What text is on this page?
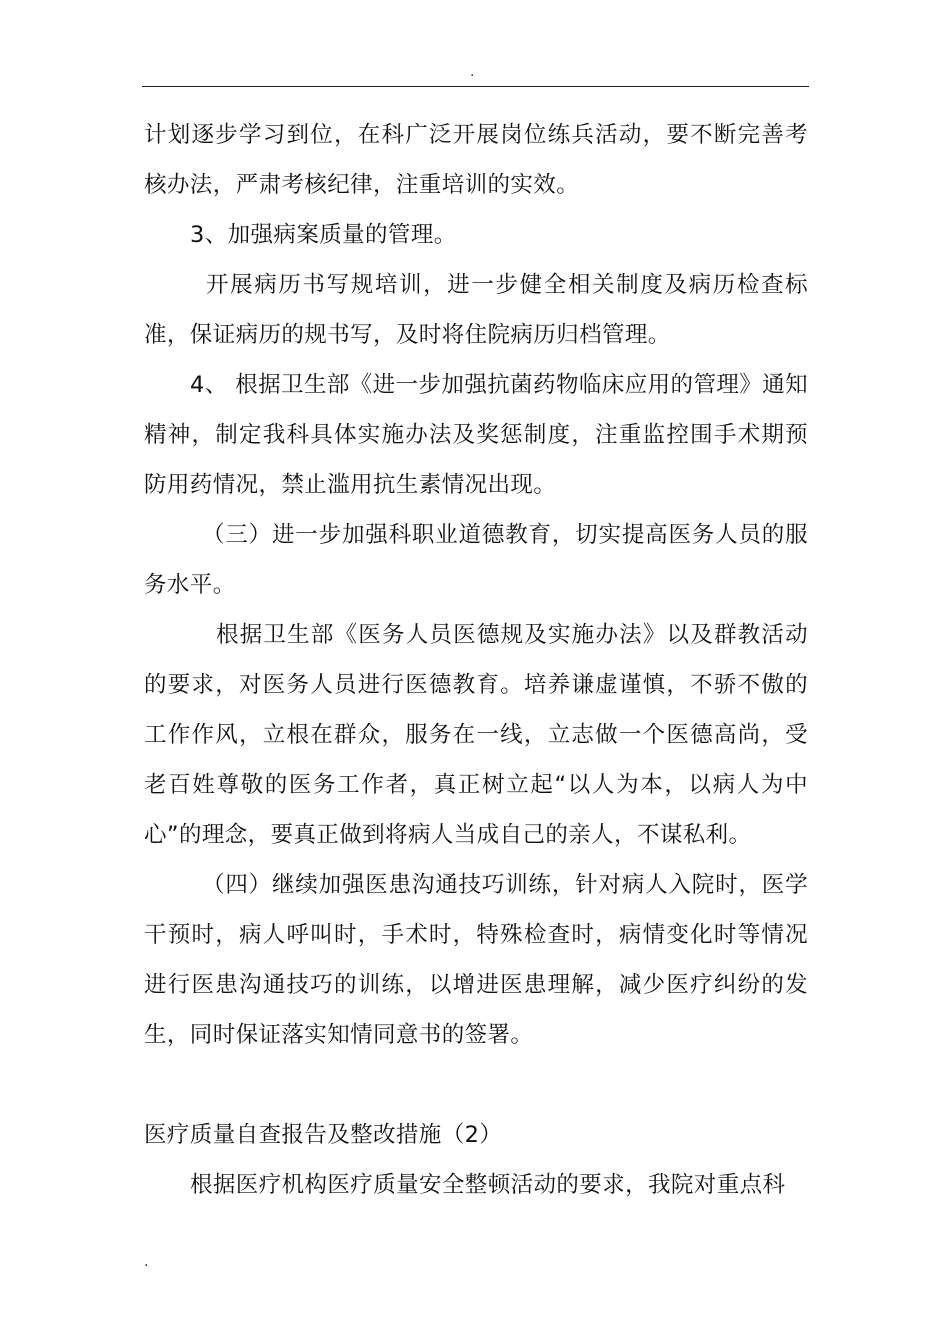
.

计划逐步学习到位，在科广泛开展岗位练兵活动，要不断完善考核办法，严肃考核纪律，注重培训的实效。

3、加强病案质量的管理。

开展病历书写规培训，进一步健全相关制度及病历检查标准，保证病历的规书写，及时将住院病历归档管理。

4、 根据卫生部《进一步加强抗菌药物临床应用的管理》通知精神，制定我科具体实施办法及奖惩制度，注重监控围手术期预防用药情况，禁止滥用抗生素情况出现。

（三）进一步加强科职业道德教育，切实提高医务人员的服务水平。

根据卫生部《医务人员医德规及实施办法》以及群教活动的要求，对医务人员进行医德教育。培养谦虚谨慎，不骄不傲的工作作风，立根在群众，服务在一线，立志做一个医德高尚，受老百姓尊敬的医务工作者，真正树立起“以人为本，以病人为中心”的理念，要真正做到将病人当成自己的亲人，不谋私利。

（四）继续加强医患沟通技巧训练，针对病人入院时，医学干预时，病人呼叫时，手术时，特殊检查时，病情变化时等情况进行医患沟通技巧的训练，以增进医患理解，减少医疗纠纷的发生，同时保证落实知情同意书的签署。

医疗质量自查报告及整改措施（2）

根据医疗机构医疗质量安全整顿活动的要求，我院对重点科

.
